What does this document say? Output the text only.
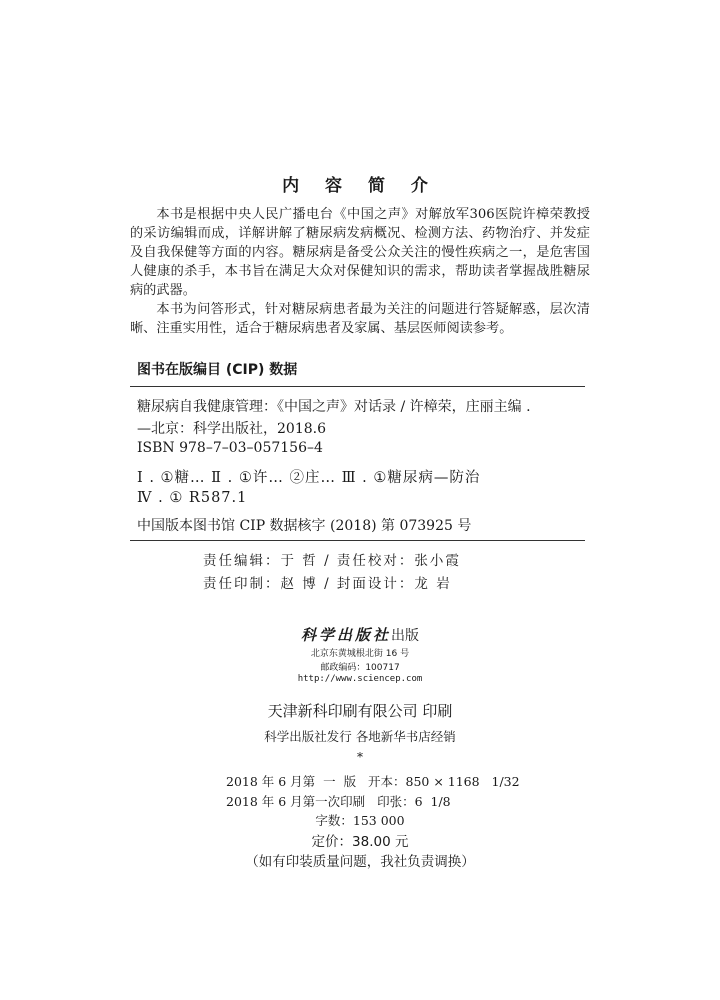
内 容 简 介

本书是根据中央人民广播电台《中国之声》对解放军306医院许樟荣教授的采访编辑而成，详解讲解了糖尿病发病概况、检测方法、药物治疗、并发症及自我保健等方面的内容。糖尿病是备受公众关注的慢性疾病之一，是危害国人健康的杀手，本书旨在满足大众对保健知识的需求，帮助读者掌握战胜糖尿病的武器。

本书为问答形式，针对糖尿病患者最为关注的问题进行答疑解惑，层次清晰、注重实用性，适合于糖尿病患者及家属、基层医师阅读参考。

图书在版编目 (CIP) 数据
糖尿病自我健康管理：《中国之声》对话录 / 许樟荣，庄丽主编 .
—北京：科学出版社，2018.6
ISBN 978–7–03–057156–4
Ⅰ . ①糖… Ⅱ . ①许… ②庄… Ⅲ . ①糖尿病—防治
Ⅳ . ① R587.1
中国版本图书馆 CIP 数据核字 (2018) 第 073925 号
责任编辑：于 哲 / 责任校对：张小霞
责任印制：赵 博 / 封面设计：龙 岩
科学出版社出版
北京东黄城根北街 16 号
邮政编码：100717
http://www.sciencep.com
天津新科印刷有限公司 印刷
科学出版社发行 各地新华书店经销
*
2018 年 6 月第  一  版   开本：850 × 1168   1/32
2018 年 6 月第一次印刷   印张：6  1/8
字数：153 000
定价：38.00 元
（如有印装质量问题，我社负责调换）
